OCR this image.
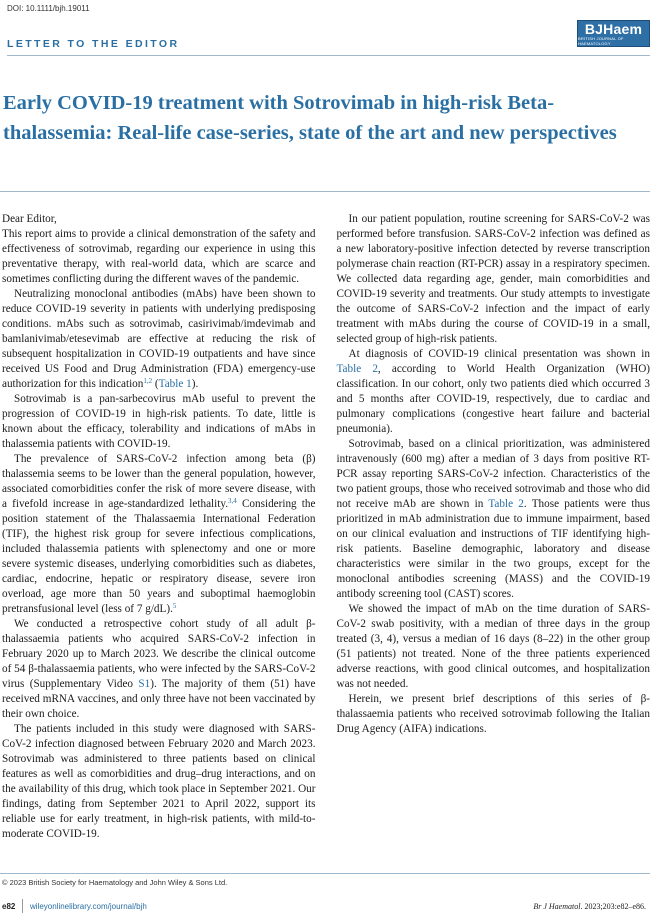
DOI: 10.1111/bjh.19011
LETTER TO THE EDITOR
BJHaem
BRITISH JOURNAL OF HAEMATOLOGY
Early COVID-19 treatment with Sotrovimab in high-risk Beta-thalassemia: Real-life case-series, state of the art and new perspectives

Dear Editor,

This report aims to provide a clinical demonstration of the safety and effectiveness of sotrovimab, regarding our experience in using this preventative therapy, with real-world data, which are scarce and sometimes conflicting during the different waves of the pandemic.

Neutralizing monoclonal antibodies (mAbs) have been shown to reduce COVID-19 severity in patients with underlying predisposing conditions. mAbs such as sotrovimab, casirivimab/imdevimab and bamlanivimab/etesevimab are effective at reducing the risk of subsequent hospitalization in COVID-19 outpatients and have since received US Food and Drug Administration (FDA) emergency-use authorization for this indication$^{1,2}$ (Table 1).

Sotrovimab is a pan-sarbecovirus mAb useful to prevent the progression of COVID-19 in high-risk patients. To date, little is known about the efficacy, tolerability and indications of mAbs in thalassemia patients with COVID-19.

The prevalence of SARS-CoV-2 infection among beta (β) thalassemia seems to be lower than the general population, however, associated comorbidities confer the risk of more severe disease, with a fivefold increase in age-standardized lethality.$^{3,4}$ Considering the position statement of the Thalassaemia International Federation (TIF), the highest risk group for severe infectious complications, included thalassemia patients with splenectomy and one or more severe systemic diseases, underlying comorbidities such as diabetes, cardiac, endocrine, hepatic or respiratory disease, severe iron overload, age more than 50 years and suboptimal haemoglobin pretransfusional level (less of 7 g/dL).$^5$

We conducted a retrospective cohort study of all adult β-thalassaemia patients who acquired SARS-CoV-2 infection in February 2020 up to March 2023. We describe the clinical outcome of 54 β-thalassaemia patients, who were infected by the SARS-CoV-2 virus (Supplementary Video S1). The majority of them (51) have received mRNA vaccines, and only three have not been vaccinated by their own choice.

The patients included in this study were diagnosed with SARS-CoV-2 infection diagnosed between February 2020 and March 2023. Sotrovimab was administered to three patients based on clinical features as well as comorbidities and drug–drug interactions, and on the availability of this drug, which took place in September 2021. Our findings, dating from September 2021 to April 2022, support its reliable use for early treatment, in high-risk patients, with mild-to-moderate COVID-19.

In our patient population, routine screening for SARS-CoV-2 was performed before transfusion. SARS-CoV-2 infection was defined as a new laboratory-positive infection detected by reverse transcription polymerase chain reaction (RT-PCR) assay in a respiratory specimen. We collected data regarding age, gender, main comorbidities and COVID-19 severity and treatments. Our study attempts to investigate the outcome of SARS-CoV-2 infection and the impact of early treatment with mAbs during the course of COVID-19 in a small, selected group of high-risk patients.

At diagnosis of COVID-19 clinical presentation was shown in Table 2, according to World Health Organization (WHO) classification. In our cohort, only two patients died which occurred 3 and 5 months after COVID-19, respectively, due to cardiac and pulmonary complications (congestive heart failure and bacterial pneumonia).

Sotrovimab, based on a clinical prioritization, was administered intravenously (600 mg) after a median of 3 days from positive RT-PCR assay reporting SARS-CoV-2 infection. Characteristics of the two patient groups, those who received sotrovimab and those who did not receive mAb are shown in Table 2. Those patients were thus prioritized in mAb administration due to immune impairment, based on our clinical evaluation and instructions of TIF identifying high-risk patients. Baseline demographic, laboratory and disease characteristics were similar in the two groups, except for the monoclonal antibodies screening (MASS) and the COVID-19 antibody screening tool (CAST) scores.

We showed the impact of mAb on the time duration of SARS-CoV-2 swab positivity, with a median of three days in the group treated (3, 4), versus a median of 16 days (8–22) in the other group (51 patients) not treated. None of the three patients experienced adverse reactions, with good clinical outcomes, and hospitalization was not needed.

Herein, we present brief descriptions of this series of β-thalassaemia patients who received sotrovimab following the Italian Drug Agency (AIFA) indications.

© 2023 British Society for Haematology and John Wiley & Sons Ltd.
e82 wileyonlinelibrary.com/journal/bjh	Br J Haematol. 2023;203:e82–e86.
